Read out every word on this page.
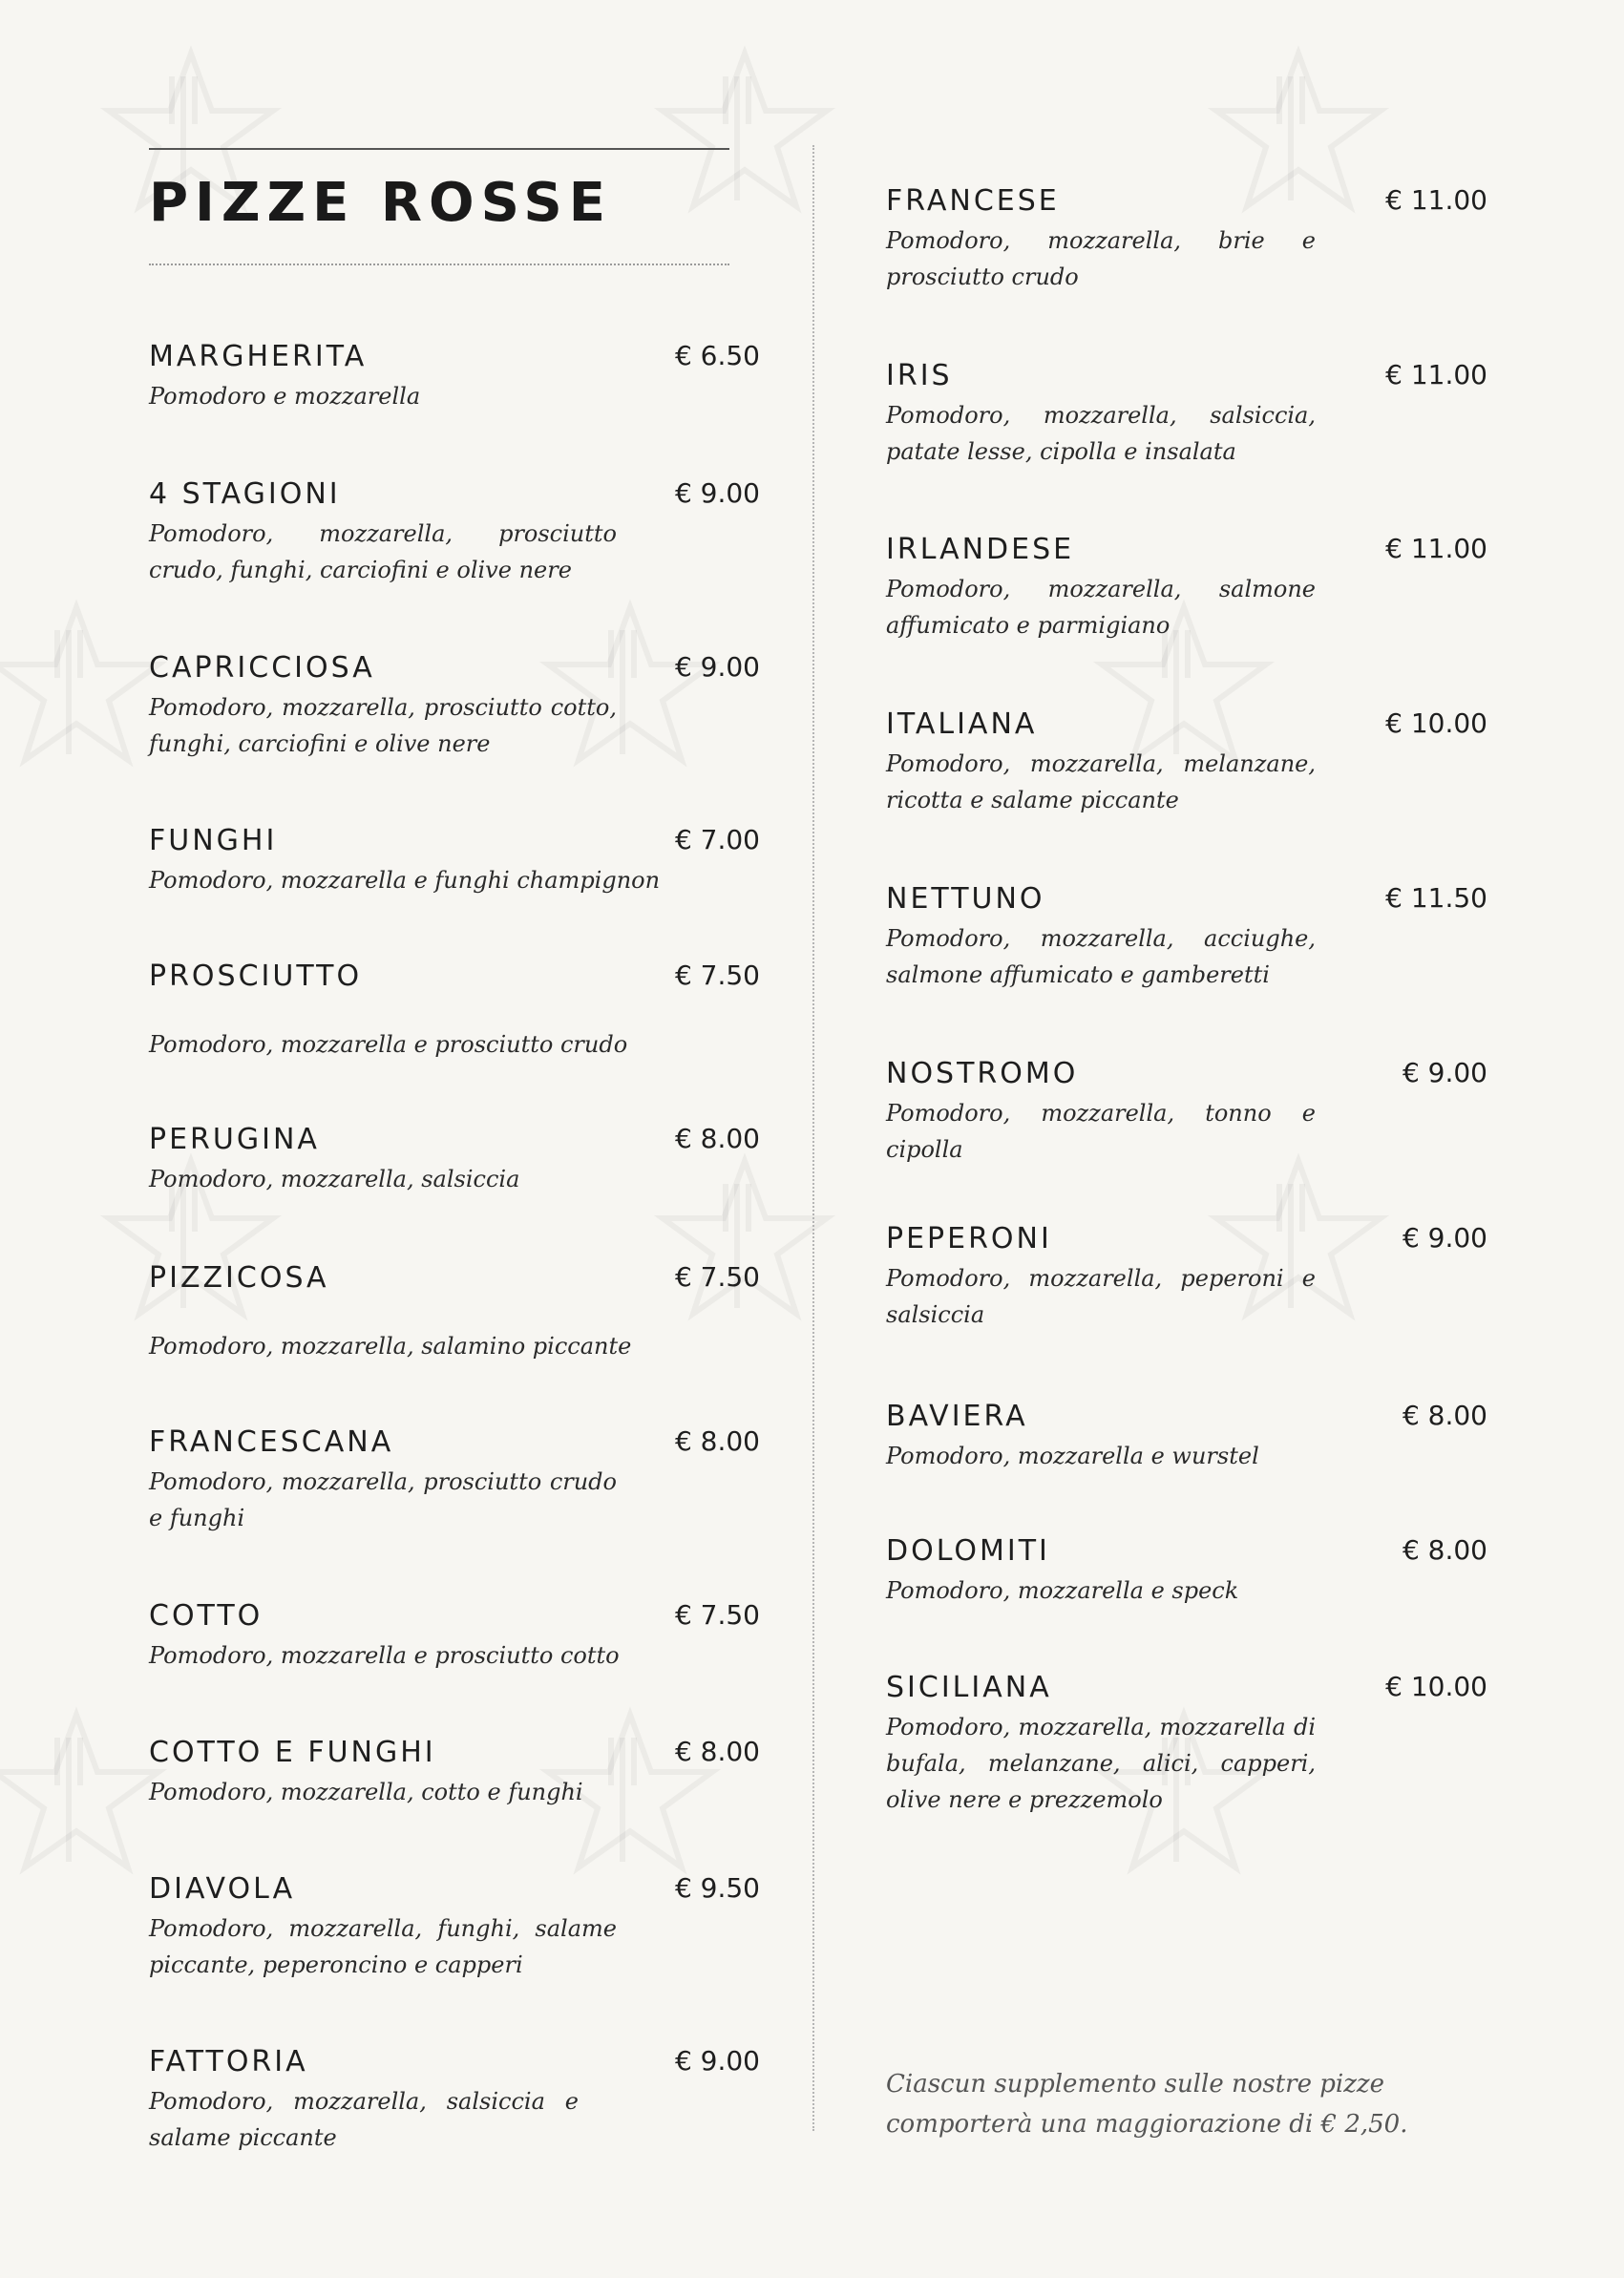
PIZZE ROSSE
MARGHERITA	€ 6.50
Pomodoro e mozzarella
4 STAGIONI	€ 9.00
Pomodoro, mozzarella, prosciutto crudo, funghi, carciofini e olive nere
CAPRICCIOSA	€ 9.00
Pomodoro, mozzarella, prosciutto cotto, funghi, carciofini e olive nere
FUNGHI	€ 7.00
Pomodoro, mozzarella e funghi champignon
PROSCIUTTO	€ 7.50
Pomodoro, mozzarella e prosciutto crudo
PERUGINA	€ 8.00
Pomodoro, mozzarella, salsiccia
PIZZICOSA	€ 7.50
Pomodoro, mozzarella, salamino piccante
FRANCESCANA	€ 8.00
Pomodoro, mozzarella, prosciutto crudo e funghi
COTTO	€ 7.50
Pomodoro, mozzarella e prosciutto cotto
COTTO E FUNGHI	€ 8.00
Pomodoro, mozzarella, cotto e funghi
DIAVOLA	€ 9.50
Pomodoro, mozzarella, funghi, salame piccante, peperoncino e capperi
FATTORIA	€ 9.00
Pomodoro, mozzarella, salsiccia e salame piccante
FRANCESE	€ 11.00
Pomodoro, mozzarella, brie e prosciutto crudo
IRIS	€ 11.00
Pomodoro, mozzarella, salsiccia, patate lesse, cipolla e insalata
IRLANDESE	€ 11.00
Pomodoro, mozzarella, salmone affumicato e parmigiano
ITALIANA	€ 10.00
Pomodoro, mozzarella, melanzane, ricotta e salame piccante
NETTUNO	€ 11.50
Pomodoro, mozzarella, acciughe, salmone affumicato e gamberetti
NOSTROMO	€ 9.00
Pomodoro, mozzarella, tonno e cipolla
PEPERONI	€ 9.00
Pomodoro, mozzarella, peperoni e salsiccia
BAVIERA	€ 8.00
Pomodoro, mozzarella e wurstel
DOLOMITI	€ 8.00
Pomodoro, mozzarella e speck
SICILIANA	€ 10.00
Pomodoro, mozzarella, mozzarella di bufala, melanzane, alici, capperi, olive nere e prezzemolo
Ciascun supplemento sulle nostre pizze comporterà una maggiorazione di € 2,50.
